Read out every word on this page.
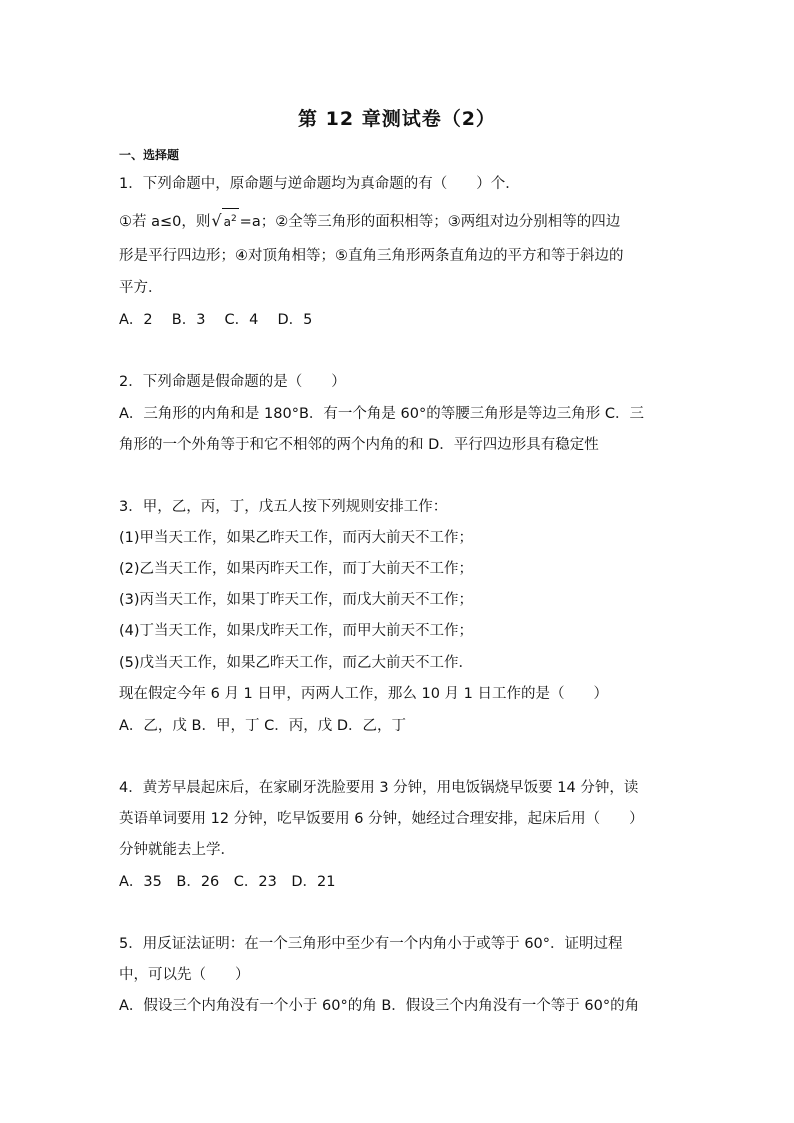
第 12 章测试卷（2）
一、选择题
1．下列命题中，原命题与逆命题均为真命题的有（　　）个．
①若 a≤0，则√ $a^2 =a$；②全等三角形的面积相等；③两组对边分别相等的四边
形是平行四边形；④对顶角相等；⑤直角三角形两条直角边的平方和等于斜边的
平方．
A．2　 B．3　 C．4　 D．5
2．下列命题是假命题的是（　　）
A．三角形的内角和是 180°B．有一个角是 60°的等腰三角形是等边三角形 C．三
角形的一个外角等于和它不相邻的两个内角的和 D．平行四边形具有稳定性
3．甲，乙，丙，丁，戊五人按下列规则安排工作：
(1)甲当天工作，如果乙昨天工作，而丙大前天不工作；
(2)乙当天工作，如果丙昨天工作，而丁大前天不工作；
(3)丙当天工作，如果丁昨天工作，而戊大前天不工作；
(4)丁当天工作，如果戊昨天工作，而甲大前天不工作；
(5)戊当天工作，如果乙昨天工作，而乙大前天不工作．
现在假定今年 6 月 1 日甲，丙两人工作，那么 10 月 1 日工作的是（　　）
A．乙，戊 B．甲，丁 C．丙，戊 D．乙，丁
4．黄芳早晨起床后，在家刷牙洗脸要用 3 分钟，用电饭锅烧早饭要 14 分钟，读
英语单词要用 12 分钟，吃早饭要用 6 分钟，她经过合理安排，起床后用（　　）
分钟就能去上学．
A．35　B．26　C．23　D．21
5．用反证法证明：在一个三角形中至少有一个内角小于或等于 60°．证明过程
中，可以先（　　）
A．假设三个内角没有一个小于 60°的角 B．假设三个内角没有一个等于 60°的角
